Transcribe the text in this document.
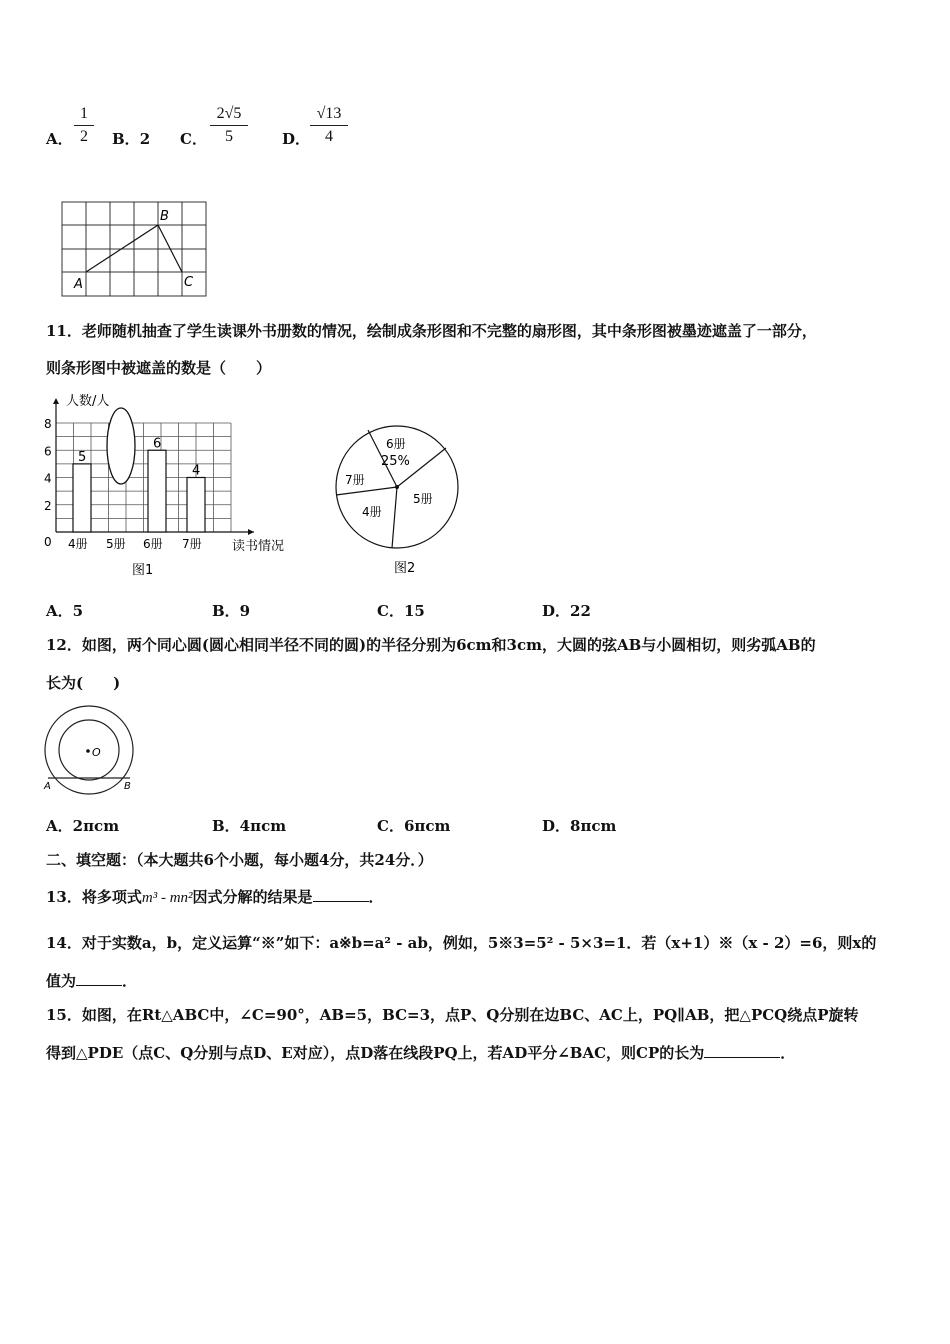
A．
1
2	B．2 C．
2√5
5	D．
√13
4
A
B
C
11．老师随机抽查了学生读课外书册数的情况，绘制成条形图和不完整的扇形图，其中条形图被墨迹遮盖了一部分，
则条形图中被遮盖的数是（　　）
人数/人
0
2
4
6
8
5
4册 5册
6
6册
4
7册 读书情况
图1
6册
25%
5册
4册
7册
图2
A．5	B．9	C．15	D．22
12．如图，两个同心圆(圆心相同半径不同的圆)的半径分别为6cm和3cm，大圆的弦AB与小圆相切，则劣弧AB的
长为(　　)
O
A	B
A．2πcm	B．4πcm	C．6πcm	D．8πcm
二、填空题：（本大题共6个小题，每小题4分，共24分．）
13．将多项式m³ - mn²因式分解的结果是	．
14．对于实数a，b，定义运算“※”如下：a※b=a² - ab，例如，5※3=5² - 5×3=1．若（x+1）※（x - 2）=6，则x的
值为	．
15．如图，在Rt△ABC中，∠C=90°，AB=5，BC=3，点P、Q分别在边BC、AC上，PQ∥AB，把△PCQ绕点P旋转
得到△PDE（点C、Q分别与点D、E对应），点D落在线段PQ上，若AD平分∠BAC，则CP的长为	．
